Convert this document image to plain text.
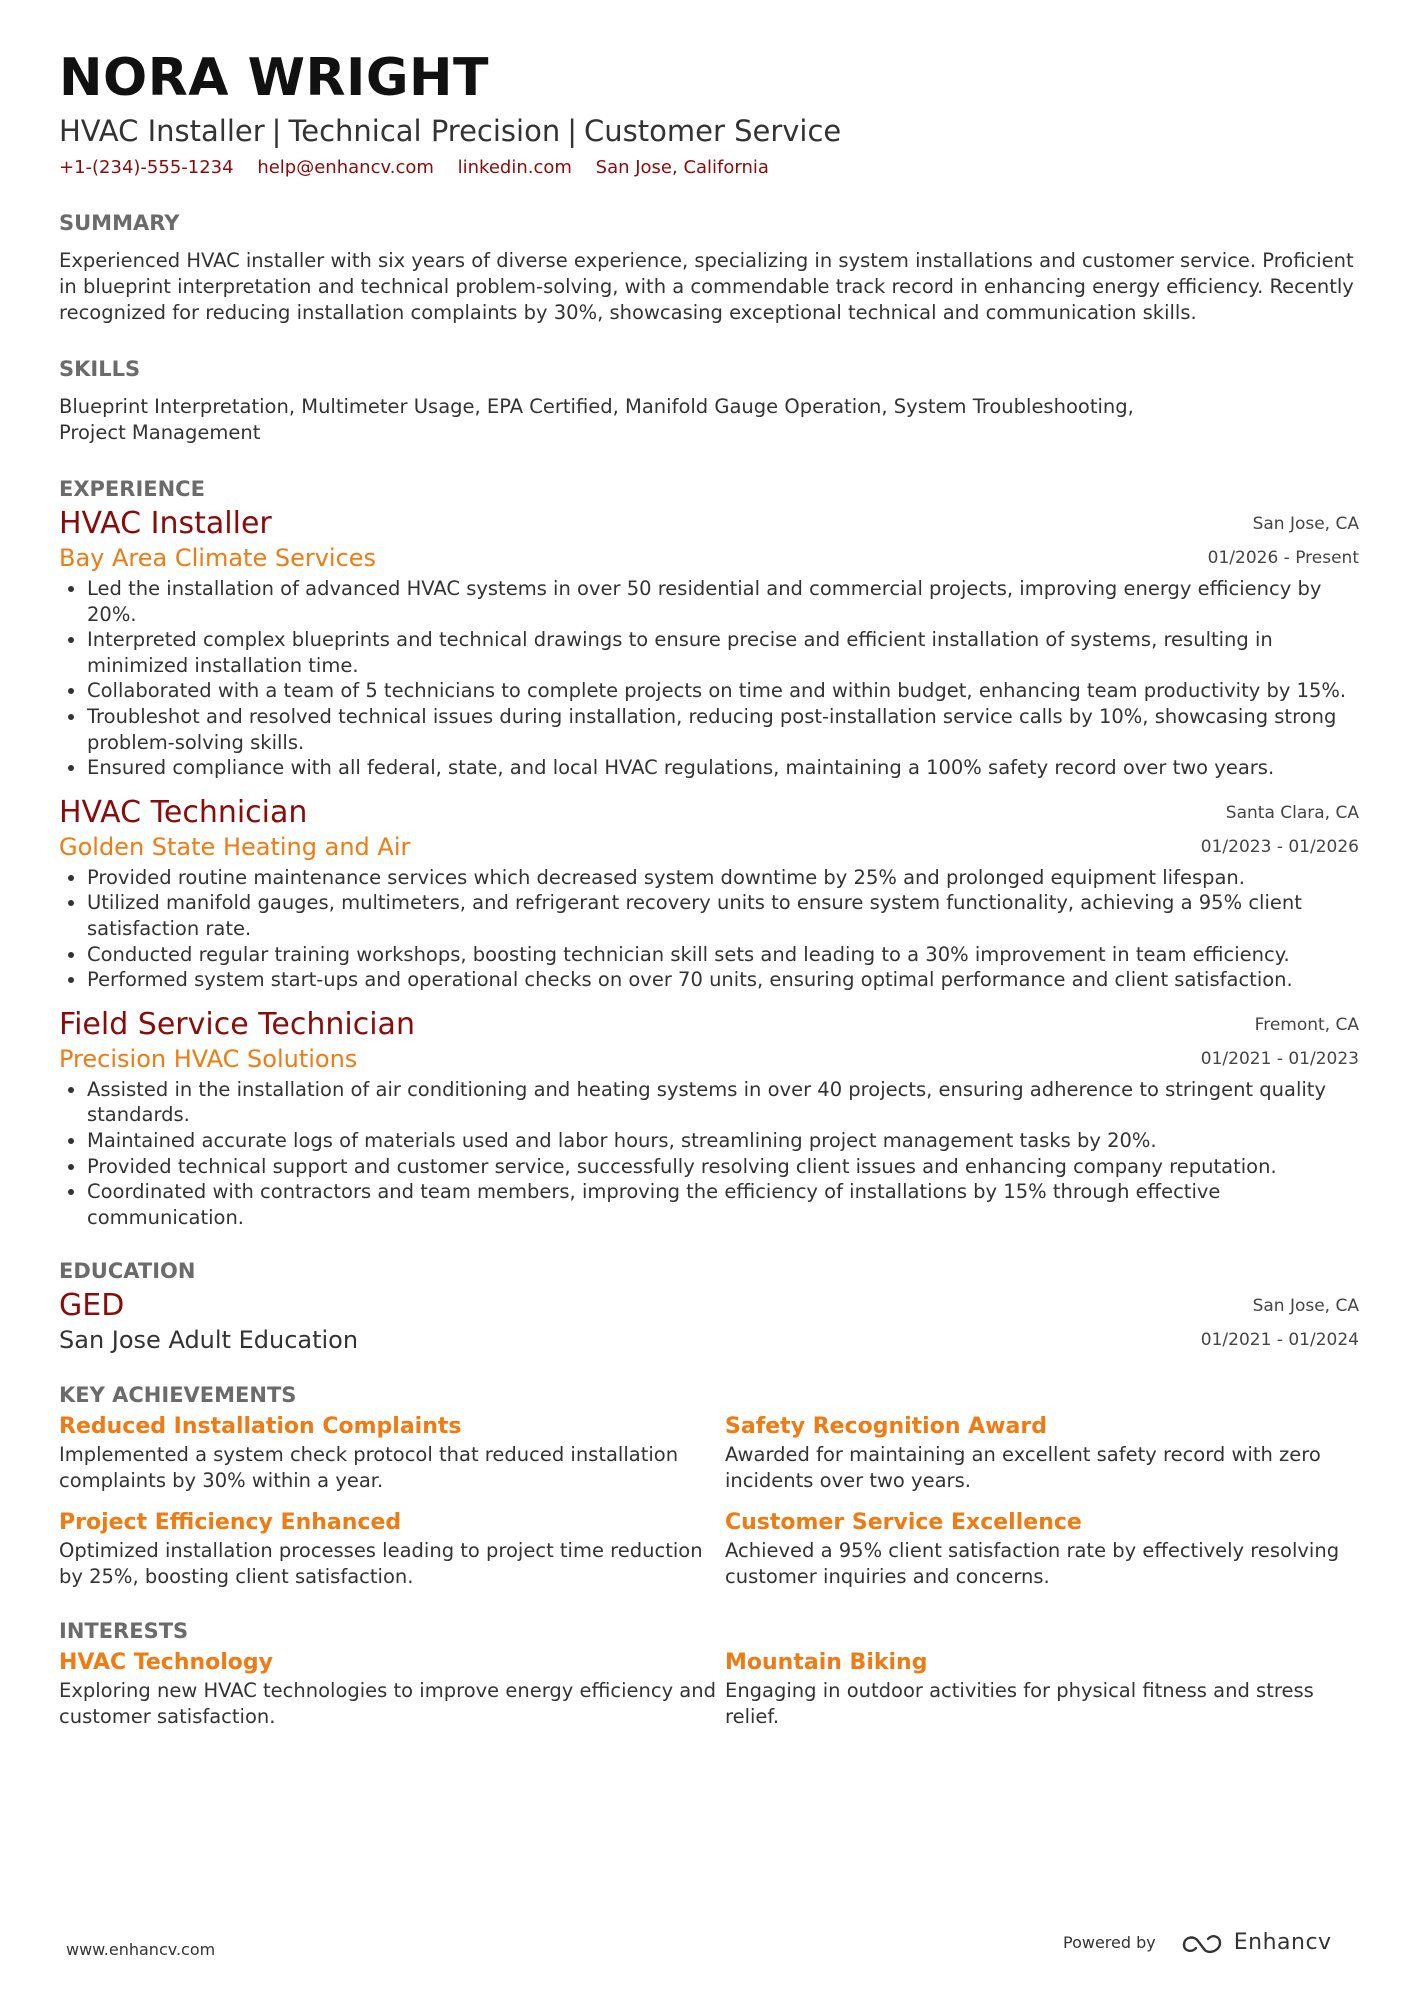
NORA WRIGHT
HVAC Installer | Technical Precision | Customer Service
+1-(234)-555-1234 help@enhancv.com linkedin.com San Jose, California
SUMMARY

Experienced HVAC installer with six years of diverse experience, specializing in system installations and customer service. Proficient in blueprint interpretation and technical problem-solving, with a commendable track record in enhancing energy efficiency. Recently recognized for reducing installation complaints by 30%, showcasing exceptional technical and communication skills.

SKILLS

Blueprint Interpretation, Multimeter Usage, EPA Certified, Manifold Gauge Operation, System Troubleshooting, Project Management

EXPERIENCE
HVAC Installer
Bay Area Climate Services
San Jose, CA
01/2026 - Present
• Led the installation of advanced HVAC systems in over 50 residential and commercial projects, improving energy efficiency by 20%.
• Interpreted complex blueprints and technical drawings to ensure precise and efficient installation of systems, resulting in minimized installation time.
• Collaborated with a team of 5 technicians to complete projects on time and within budget, enhancing team productivity by 15%.
• Troubleshot and resolved technical issues during installation, reducing post-installation service calls by 10%, showcasing strong problem-solving skills.
• Ensured compliance with all federal, state, and local HVAC regulations, maintaining a 100% safety record over two years.
HVAC Technician
Golden State Heating and Air
Santa Clara, CA
01/2023 - 01/2026
• Provided routine maintenance services which decreased system downtime by 25% and prolonged equipment lifespan.
• Utilized manifold gauges, multimeters, and refrigerant recovery units to ensure system functionality, achieving a 95% client satisfaction rate.
• Conducted regular training workshops, boosting technician skill sets and leading to a 30% improvement in team efficiency.
• Performed system start-ups and operational checks on over 70 units, ensuring optimal performance and client satisfaction.
Field Service Technician
Precision HVAC Solutions
Fremont, CA
01/2021 - 01/2023
• Assisted in the installation of air conditioning and heating systems in over 40 projects, ensuring adherence to stringent quality standards.
• Maintained accurate logs of materials used and labor hours, streamlining project management tasks by 20%.
• Provided technical support and customer service, successfully resolving client issues and enhancing company reputation.
• Coordinated with contractors and team members, improving the efficiency of installations by 15% through effective communication.
EDUCATION
GED
San Jose Adult Education
San Jose, CA
01/2021 - 01/2024
KEY ACHIEVEMENTS
Reduced Installation Complaints
Implemented a system check protocol that reduced installation complaints by 30% within a year.
Safety Recognition Award
Awarded for maintaining an excellent safety record with zero incidents over two years.
Project Efficiency Enhanced
Optimized installation processes leading to project time reduction by 25%, boosting client satisfaction.
Customer Service Excellence
Achieved a 95% client satisfaction rate by effectively resolving customer inquiries and concerns.
INTERESTS
HVAC Technology
Exploring new HVAC technologies to improve energy efficiency and customer satisfaction.
Mountain Biking
Engaging in outdoor activities for physical fitness and stress relief.
www.enhancv.com	Powered by	Enhancv
